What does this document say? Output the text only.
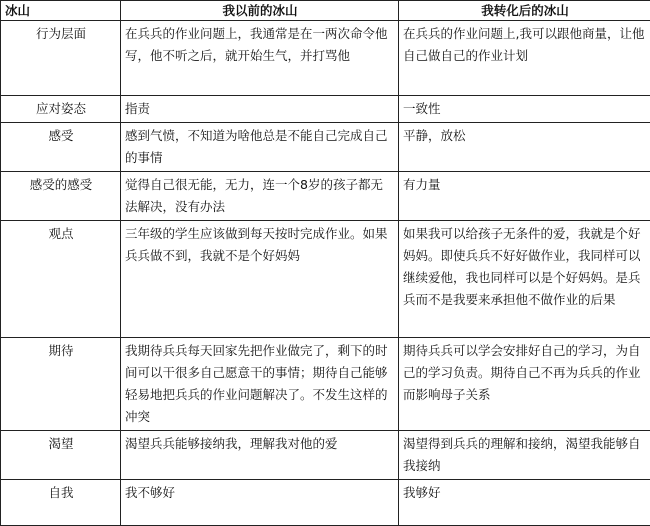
冰山	我以前的冰山	我转化后的冰山
行为层面	在兵兵的作业问题上，我通常是在一两次命令他写，他不听之后，就开始生气，并打骂他	在兵兵的作业问题上,我可以跟他商量，让他自己做自己的作业计划
应对姿态	指责	一致性
感受	感到气愤，不知道为啥他总是不能自己完成自己的事情	平静，放松
感受的感受	觉得自己很无能，无力，连一个8岁的孩子都无法解决，没有办法	有力量
观点	三年级的学生应该做到每天按时完成作业。如果兵兵做不到，我就不是个好妈妈	如果我可以给孩子无条件的爱，我就是个好妈妈。即使兵兵不好好做作业，我同样可以继续爱他，我也同样可以是个好妈妈。是兵兵而不是我要来承担他不做作业的后果
期待	我期待兵兵每天回家先把作业做完了，剩下的时间可以干很多自己愿意干的事情；期待自己能够轻易地把兵兵的作业问题解决了。不发生这样的冲突	期待兵兵可以学会安排好自己的学习，为自己的学习负责。期待自己不再为兵兵的作业而影响母子关系
渴望	渴望兵兵能够接纳我，理解我对他的爱	渴望得到兵兵的理解和接纳，渴望我能够自我接纳
自我	我不够好	我够好
